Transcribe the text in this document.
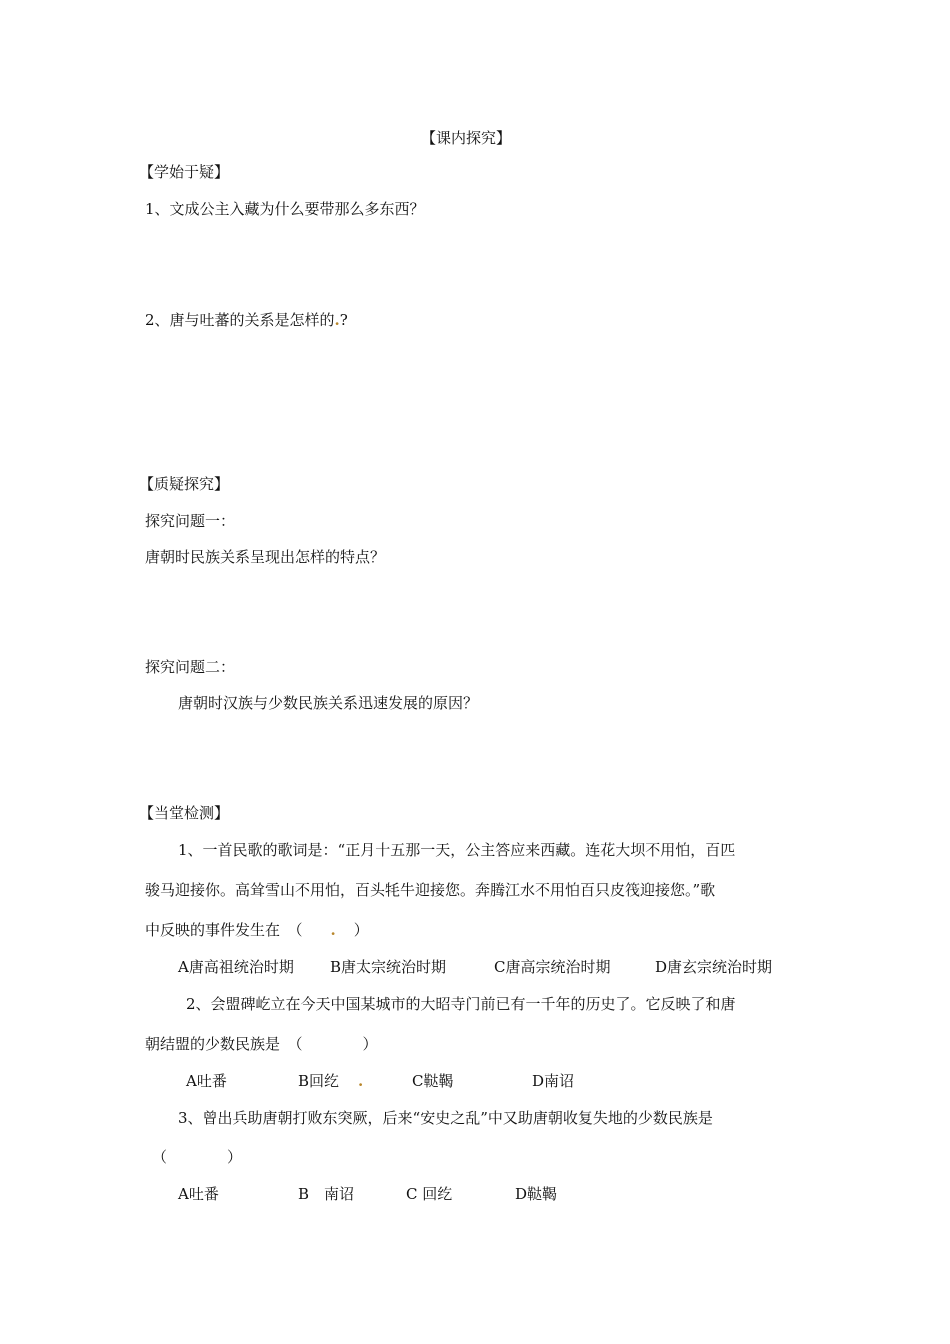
【课内探究】
【学始于疑】
1、文成公主入藏为什么要带那么多东西？
2、唐与吐蕃的关系是怎样的.?
【质疑探究】
探究问题一：
唐朝时民族关系呈现出怎样的特点？
探究问题二：
唐朝时汉族与少数民族关系迅速发展的原因？
【当堂检测】
1、一首民歌的歌词是：“正月十五那一天，公主答应来西藏。连花大坝不用怕，百匹
骏马迎接你。高耸雪山不用怕，百头牦牛迎接您。奔腾江水不用怕百只皮筏迎接您。”歌
中反映的事件发生在　（ . ）
A唐高祖统治时期 B唐太宗统治时期	C唐高宗统治时期	D唐玄宗统治时期
2、会盟碑屹立在今天中国某城市的大昭寺门前已有一千年的历史了。它反映了和唐
朝结盟的少数民族是　（　　　　）
A吐番	B回纥 .	C鞑鞨	D南诏
3、曾出兵助唐朝打败东突厥，后来“安史之乱”中又助唐朝收复失地的少数民族是
（　　　　）
A吐番	B　南诏	C 回纥	D鞑鞨
